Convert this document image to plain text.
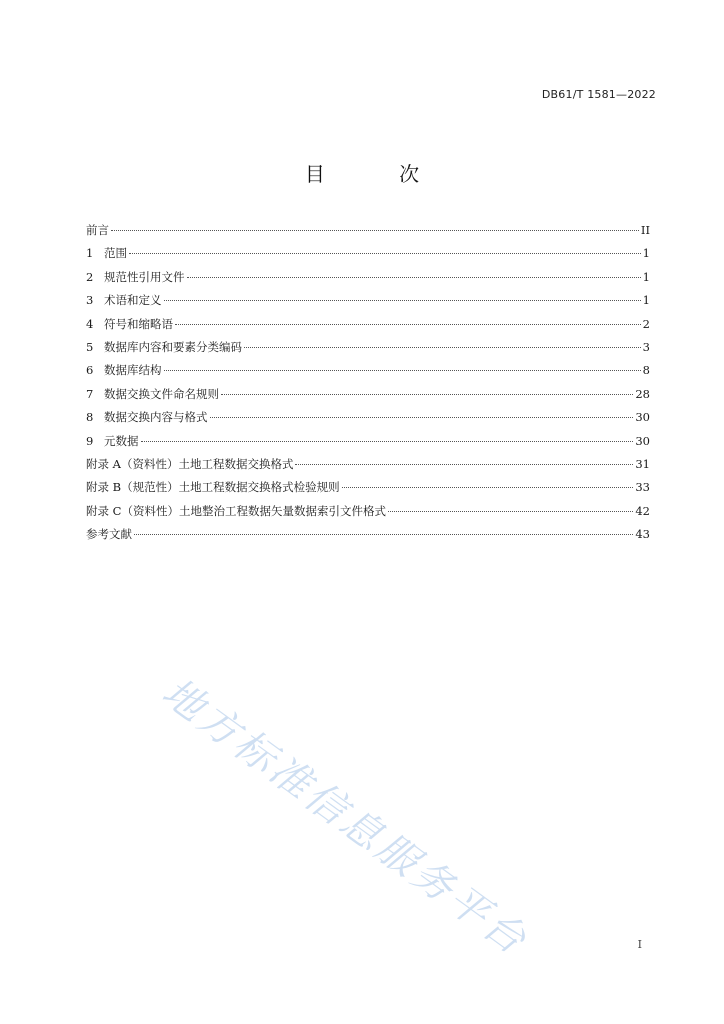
DB61/T 1581—2022
目 次
前言	II
1 范围	1
2 规范性引用文件	1
3 术语和定义	1
4 符号和缩略语	2
5 数据库内容和要素分类编码	3
6 数据库结构	8
7 数据交换文件命名规则	28
8 数据交换内容与格式	30
9 元数据	30
附录 A（资料性）土地工程数据交换格式	31
附录 B（规范性）土地工程数据交换格式检验规则	33
附录 C（资料性）土地整治工程数据矢量数据索引文件格式	42
参考文献	43
地方标准信息服务平台	I
